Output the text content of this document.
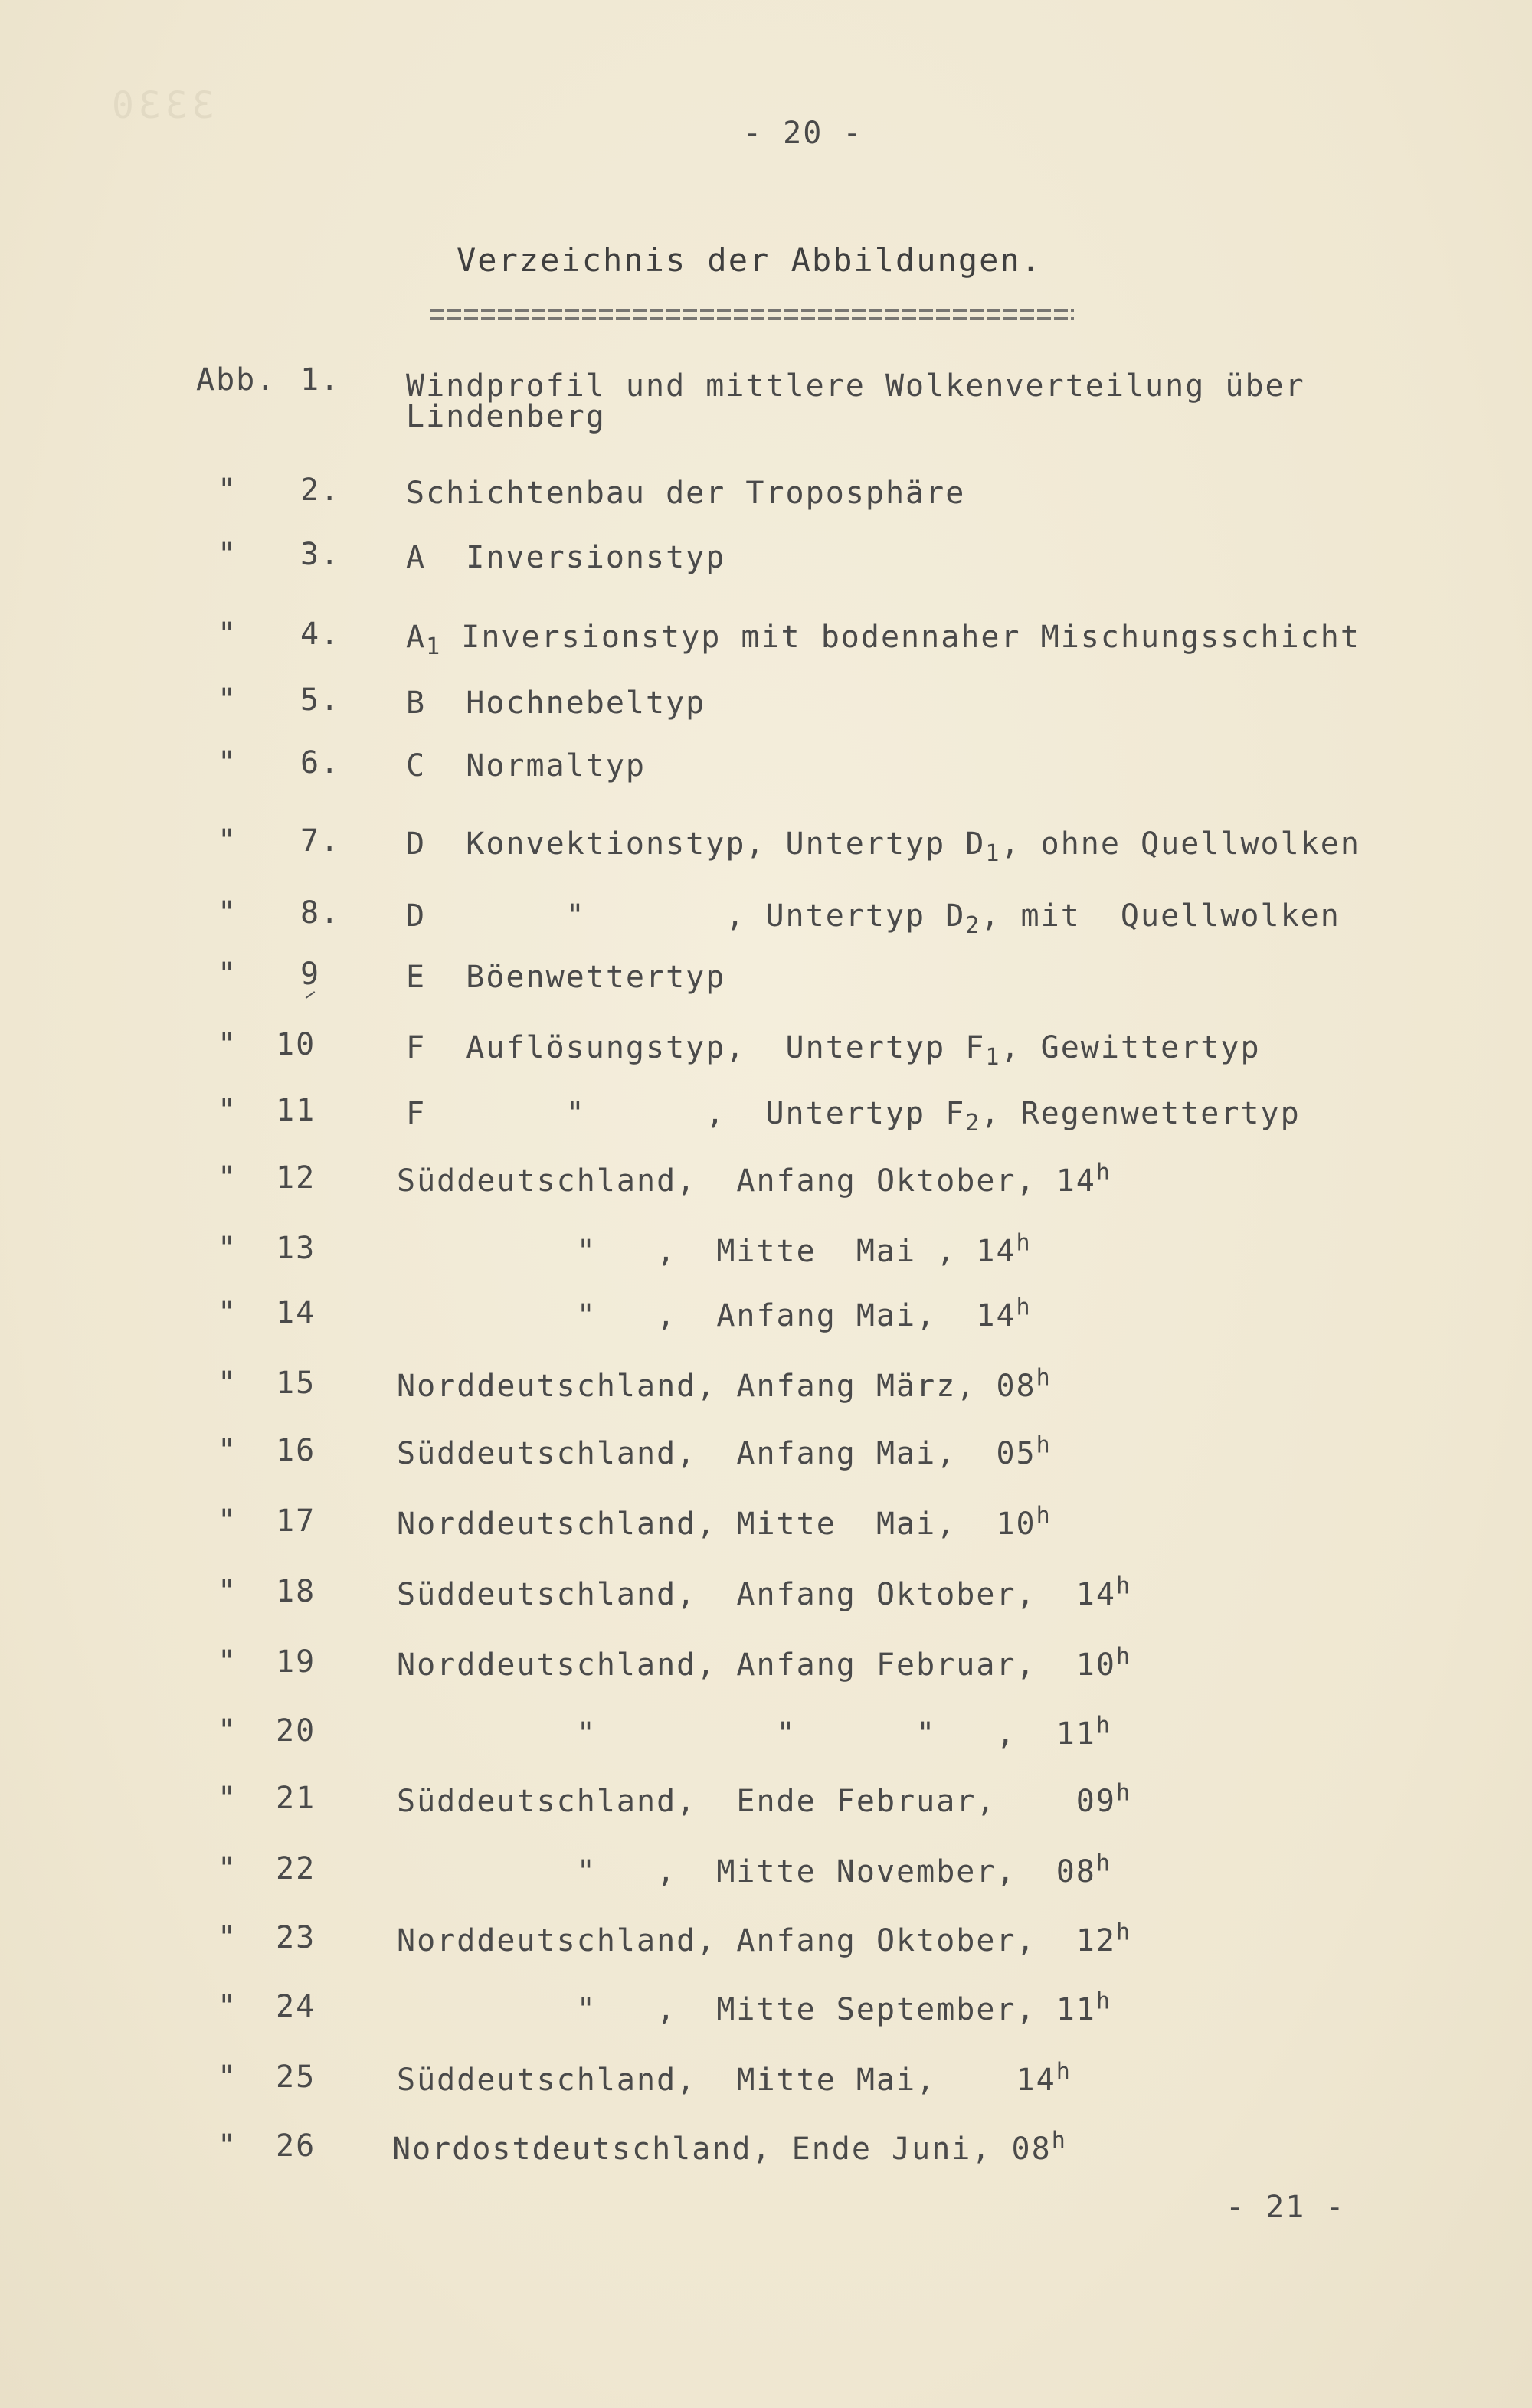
3330
- 20 -
Verzeichnis der Abbildungen.
Abb. 1. Windprofil und mittlere Wolkenverteilung über
Lindenberg
" 2. Schichtenbau der Troposphäre
" 3. A  Inversionstyp
" 4. $A_1$ Inversionstyp mit bodennaher Mischungsschicht
" 5. B  Hochnebeltyp
" 6. C  Normaltyp
" 7. D  Konvektionstyp, Untertyp $D_1$, ohne Quellwolken
" 8. D       "       , Untertyp $D_2$, mit  Quellwolken
" 9	E  Böenwettertyp
" 10	F  Auflösungstyp,  Untertyp $F_1$, Gewittertyp
" 11	F       "      ,  Untertyp $F_2$, Regenwettertyp
" 12	Süddeutschland,  Anfang Oktober, 14$^h$
" 13	"   ,  Mitte  Mai , 14$^h$
" 14	"   ,  Anfang Mai,  14$^h$
" 15	Norddeutschland, Anfang März, 08$^h$
" 16	Süddeutschland,  Anfang Mai,  05$^h$
" 17	Norddeutschland, Mitte  Mai,  10$^h$
" 18	Süddeutschland,  Anfang Oktober,  14$^h$
" 19	Norddeutschland, Anfang Februar,  10$^h$
" 20	"         "      "   ,  11$^h$
" 21	Süddeutschland,  Ende Februar,    09$^h$
" 22	"   ,  Mitte November,  08$^h$
" 23	Norddeutschland, Anfang Oktober,  12$^h$
" 24	"   ,  Mitte September, 11$^h$
" 25	Süddeutschland,  Mitte Mai,    14$^h$
" 26 Nordostdeutschland, Ende Juni, 08$^h$
- 21 -
